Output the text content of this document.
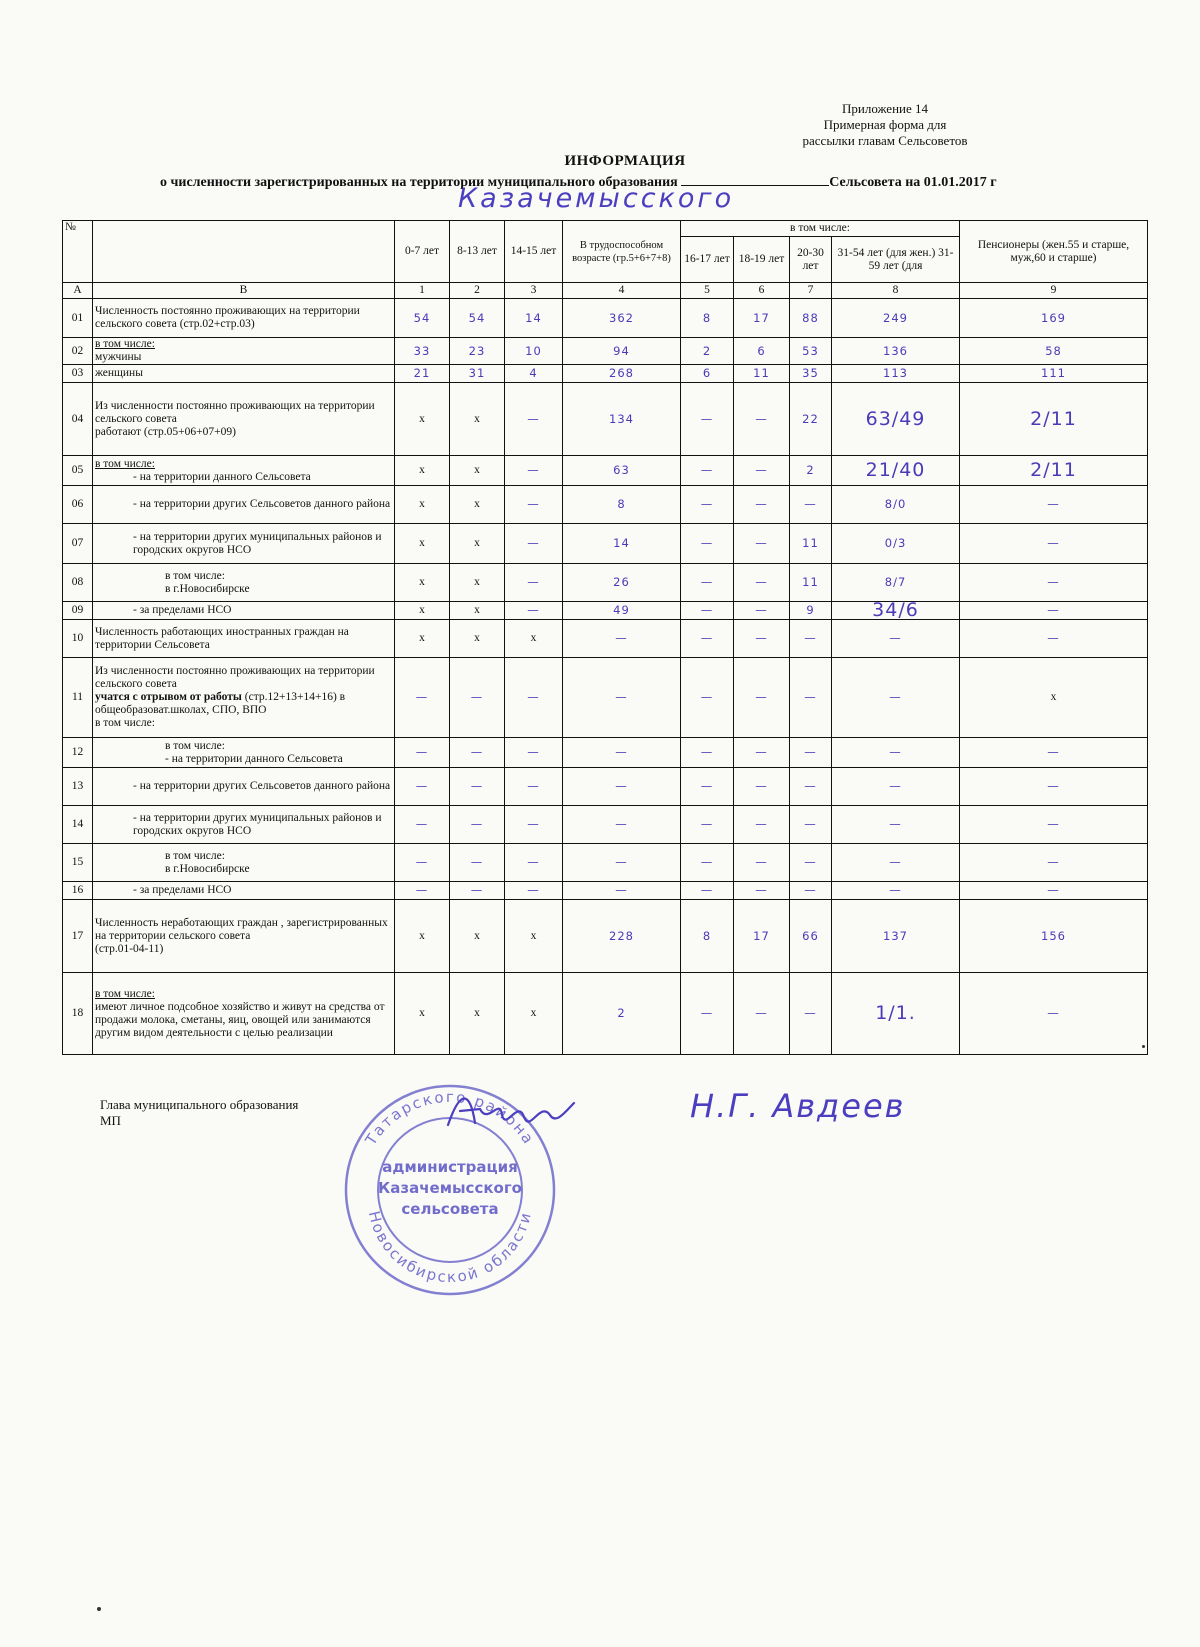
Приложение 14
Примерная форма для
рассылки главам Сельсоветов
ИНФОРМАЦИЯ
о численности зарегистрированных на территории муниципального образования	Сельсовета на 01.01.2017 г
Казачемысского
№		0-7 лет	8-13 лет	14-15 лет	В трудоспособном возрасте (гр.5+6+7+8)	в том числе:				Пенсионеры (жен.55 и старше, муж,60 и старше)
						16-17 лет	18-19 лет	20-30 лет	31-54 лет (для жен.) 31-59 лет (для	
А	В	1	2	3	4	5	6	7	8	9
01	Численность постоянно проживающих на территории сельского совета (стр.02+стр.03)	54	54	14	362	8	17	88	249	169
02	в том числе:
мужчины	33	23	10	94	2	6	53	136	58
03	женщины	21	31	4	268	6	11	35	113	111
04	Из численности постоянно проживающих на территории сельского совета
работают (стр.05+06+07+09)	х	х	—	134	—	—	22	63/49	2/11
05	в том числе:
- на территории данного Сельсовета	х	х	—	63	—	—	2	21/40	2/11
06	- на территории других Сельсоветов данного района	х	х	—	8	—	—	—	8/0	—
07	- на территории других муниципальных районов и городских округов НСО	х	х	—	14	—	—	11	0/3	—
08	в том числе:
в г.Новосибирске	х	х	—	26	—	—	11	8/7	—
09	- за пределами НСО	х	х	—	49	—	—	9	34/6	—
10	Численность работающих иностранных граждан на территории Сельсовета	х	х	х	—	—	—	—	—	—
11	Из численности постоянно проживающих на территории сельского совета
учатся с отрывом от работы (стр.12+13+14+16) в общеобразоват.школах, СПО, ВПО
в том числе:	—	—	—	—	—	—	—	—	х
12	в том числе:
- на территории данного Сельсовета	—	—	—	—	—	—	—	—	—
13	- на территории других Сельсоветов данного района	—	—	—	—	—	—	—	—	—
14	- на территории других муниципальных районов и городских округов НСО	—	—	—	—	—	—	—	—	—
15	в том числе:
в г.Новосибирске	—	—	—	—	—	—	—	—	—
16	- за пределами НСО	—	—	—	—	—	—	—	—	—
17	Численность неработающих граждан , зарегистрированных на территории сельского совета
(стр.01-04-11)	х	х	х	228	8	17	66	137	156
18	в том числе:
имеют личное подсобное хозяйство и живут на средства от продажи молока, сметаны, яиц, овощей или занимаются другим видом деятельности с целью реализации	х	х	х	2	—	—	—	1/1.	—
Глава муниципального образования
МП
Татарского района
Новосибирской области
администрация
Казачемысского
сельсовета
Н.Г. Авдеев
